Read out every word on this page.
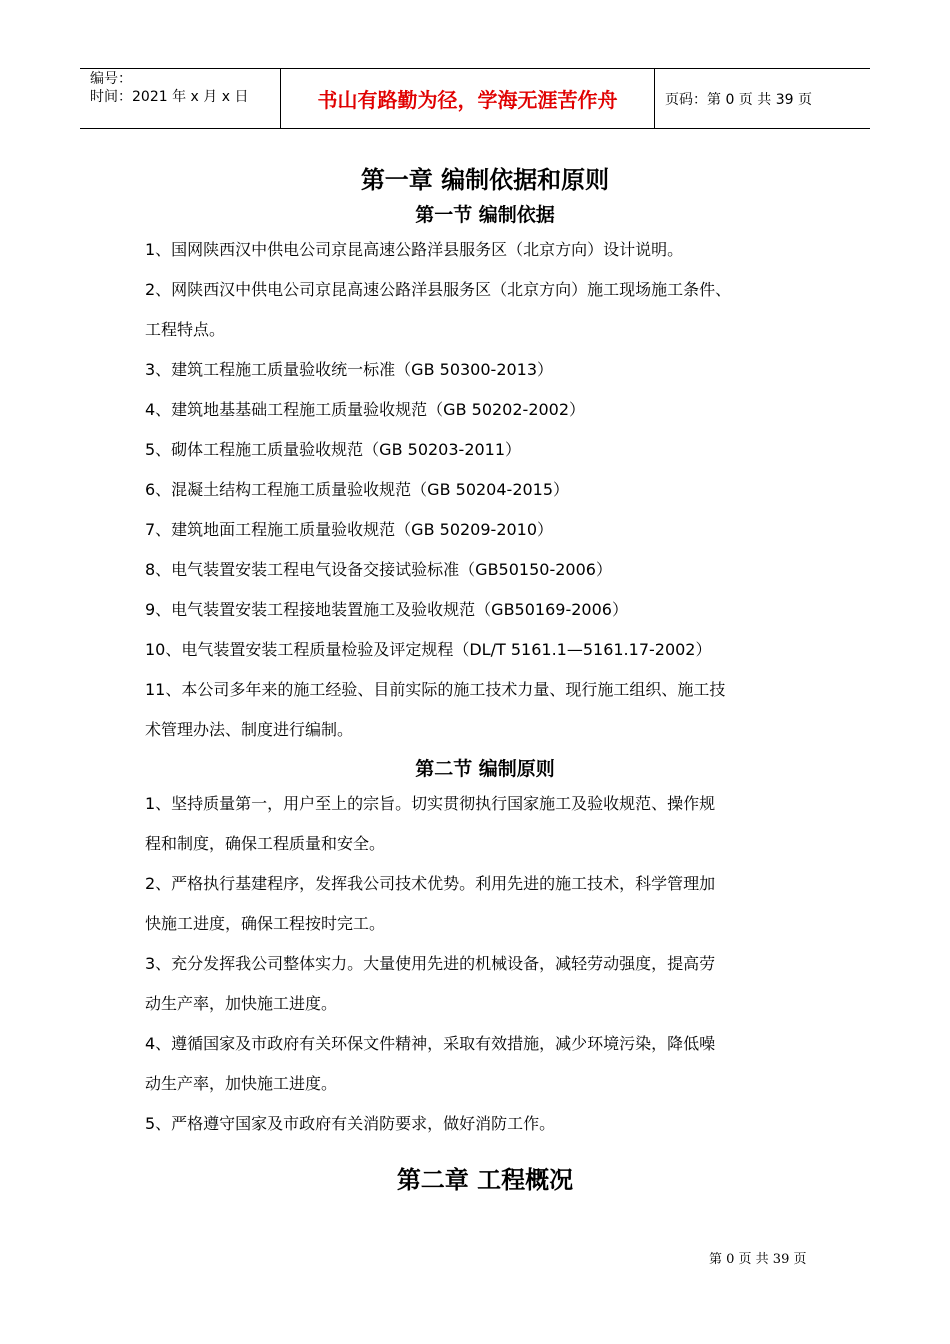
编号：
时间：2021 年 x 月 x 日	书山有路勤为径，学海无涯苦作舟	页码：第 0 页 共 39 页
第一章 编制依据和原则
第一节 编制依据

1、国网陕西汉中供电公司京昆高速公路洋县服务区（北京方向）设计说明。

2、网陕西汉中供电公司京昆高速公路洋县服务区（北京方向）施工现场施工条件、

工程特点。

3、建筑工程施工质量验收统一标准（GB 50300-2013）

4、建筑地基基础工程施工质量验收规范（GB 50202-2002）

5、砌体工程施工质量验收规范（GB 50203-2011）

6、混凝土结构工程施工质量验收规范（GB 50204-2015）

7、建筑地面工程施工质量验收规范（GB 50209-2010）

8、电气装置安装工程电气设备交接试验标准（GB50150-2006）

9、电气装置安装工程接地装置施工及验收规范（GB50169-2006）

10、电气装置安装工程质量检验及评定规程（DL/T 5161.1—5161.17-2002）

11、本公司多年来的施工经验、目前实际的施工技术力量、现行施工组织、施工技

术管理办法、制度进行编制。

第二节 编制原则

1、坚持质量第一，用户至上的宗旨。切实贯彻执行国家施工及验收规范、操作规

程和制度，确保工程质量和安全。

2、严格执行基建程序，发挥我公司技术优势。利用先进的施工技术，科学管理加

快施工进度，确保工程按时完工。

3、充分发挥我公司整体实力。大量使用先进的机械设备，减轻劳动强度，提高劳

动生产率，加快施工进度。

4、遵循国家及市政府有关环保文件精神，采取有效措施，减少环境污染，降低噪

动生产率，加快施工进度。

5、严格遵守国家及市政府有关消防要求，做好消防工作。

第二章 工程概况
第 0 页 共 39 页
